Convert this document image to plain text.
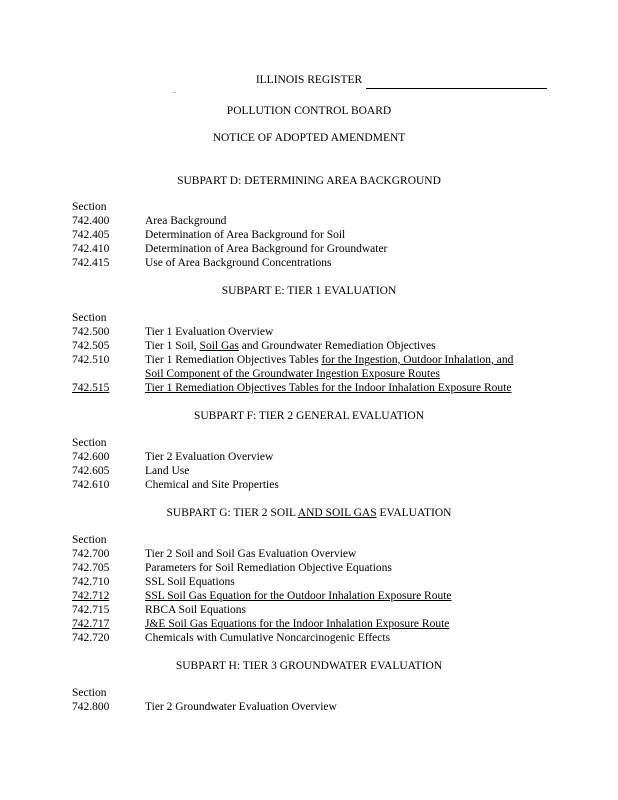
ILLINOIS REGISTER
··
POLLUTION CONTROL BOARD
NOTICE OF ADOPTED AMENDMENT
SUBPART D: DETERMINING AREA BACKGROUND
Section
742.400	Area Background
742.405	Determination of Area Background for Soil
742.410	Determination of Area Background for Groundwater
742.415	Use of Area Background Concentrations
SUBPART E: TIER 1 EVALUATION
Section
742.500	Tier 1 Evaluation Overview
742.505	Tier 1 Soil, Soil Gas and Groundwater Remediation Objectives
742.510	Tier 1 Remediation Objectives Tables for the Ingestion, Outdoor Inhalation, and
Soil Component of the Groundwater Ingestion Exposure Routes
742.515	Tier 1 Remediation Objectives Tables for the Indoor Inhalation Exposure Route
SUBPART F: TIER 2 GENERAL EVALUATION
Section
742.600	Tier 2 Evaluation Overview
742.605	Land Use
742.610	Chemical and Site Properties
SUBPART G: TIER 2 SOIL AND SOIL GAS EVALUATION
Section
742.700	Tier 2 Soil and Soil Gas Evaluation Overview
742.705	Parameters for Soil Remediation Objective Equations
742.710	SSL Soil Equations
742.712	SSL Soil Gas Equation for the Outdoor Inhalation Exposure Route
742.715	RBCA Soil Equations
742.717	J&E Soil Gas Equations for the Indoor Inhalation Exposure Route
742.720	Chemicals with Cumulative Noncarcinogenic Effects
SUBPART H: TIER 3 GROUNDWATER EVALUATION
Section
742.800	Tier 2 Groundwater Evaluation Overview
